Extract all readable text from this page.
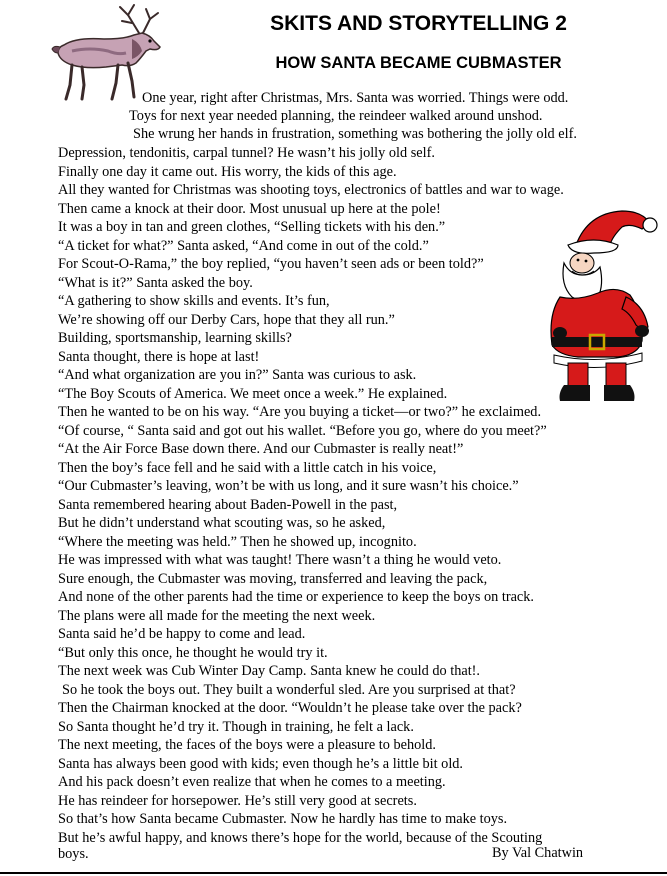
SKITS AND STORYTELLING 2
HOW SANTA BECAME CUBMASTER
One year, right after Christmas, Mrs. Santa was worried. Things were odd.
Toys for next year needed planning, the reindeer walked around unshod.
She wrung her hands in frustration, something was bothering the jolly old elf.
Depression, tendonitis, carpal tunnel? He wasn’t his jolly old self.
Finally one day it came out. His worry, the kids of this age.
All they wanted for Christmas was shooting toys, electronics of battles and war to wage.
Then came a knock at their door. Most unusual up here at the pole!
It was a boy in tan and green clothes, “Selling tickets with his den.”
“A ticket for what?” Santa asked, “And come in out of the cold.”
For Scout-O-Rama,” the boy replied, “you haven’t seen ads or been told?”
“What is it?” Santa asked the boy.
“A gathering to show skills and events. It’s fun,
We’re showing off our Derby Cars, hope that they all run.”
Building, sportsmanship, learning skills?
Santa thought, there is hope at last!
“And what organization are you in?” Santa was curious to ask.
“The Boy Scouts of America. We meet once a week.” He explained.
Then he wanted to be on his way. “Are you buying a ticket—or two?” he exclaimed.
“Of course, “ Santa said and got out his wallet. “Before you go, where do you meet?”
“At the Air Force Base down there. And our Cubmaster is really neat!”
Then the boy’s face fell and he said with a little catch in his voice,
“Our Cubmaster’s leaving, won’t be with us long, and it sure wasn’t his choice.”
Santa remembered hearing about Baden-Powell in the past,
But he didn’t understand what scouting was, so he asked,
“Where the meeting was held.” Then he showed up, incognito.
He was impressed with what was taught! There wasn’t a thing he would veto.
Sure enough, the Cubmaster was moving, transferred and leaving the pack,
And none of the other parents had the time or experience to keep the boys on track.
The plans were all made for the meeting the next week.
Santa said he’d be happy to come and lead.
“But only this once, he thought he would try it.
The next week was Cub Winter Day Camp. Santa knew he could do that!.
So he took the boys out. They built a wonderful sled. Are you surprised at that?
Then the Chairman knocked at the door. “Wouldn’t he please take over the pack?
So Santa thought he’d try it. Though in training, he felt a lack.
The next meeting, the faces of the boys were a pleasure to behold.
Santa has always been good with kids; even though he’s a little bit old.
And his pack doesn’t even realize that when he comes to a meeting.
He has reindeer for horsepower. He’s still very good at secrets.
So that’s how Santa became Cubmaster. Now he hardly has time to make toys.
But he’s awful happy, and knows there’s hope for the world, because of the Scouting
boys.	By Val Chatwin
